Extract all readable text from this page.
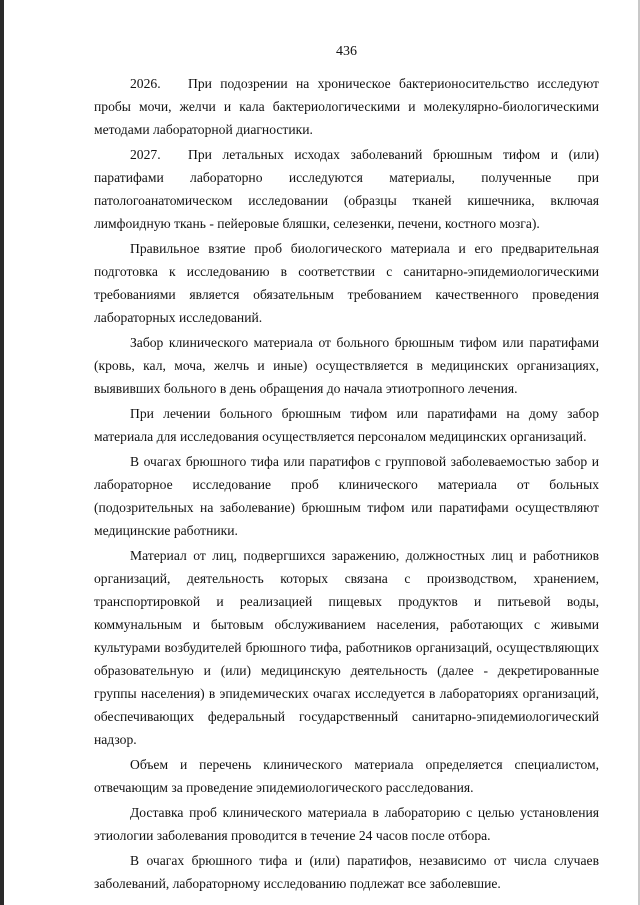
436

2026. При подозрении на хроническое бактерионосительство исследуют пробы мочи, желчи и кала бактериологическими и молекулярно-биологическими методами лабораторной диагностики.

2027. При летальных исходах заболеваний брюшным тифом и (или) паратифами лабораторно исследуются материалы, полученные при патологоанатомическом исследовании (образцы тканей кишечника, включая лимфоидную ткань - пейеровые бляшки, селезенки, печени, костного мозга).

Правильное взятие проб биологического материала и его предварительная подготовка к исследованию в соответствии с санитарно-эпидемиологическими требованиями является обязательным требованием качественного проведения лабораторных исследований.

Забор клинического материала от больного брюшным тифом или паратифами (кровь, кал, моча, желчь и иные) осуществляется в медицинских организациях, выявивших больного в день обращения до начала этиотропного лечения.

При лечении больного брюшным тифом или паратифами на дому забор материала для исследования осуществляется персоналом медицинских организаций.

В очагах брюшного тифа или паратифов с групповой заболеваемостью забор и лабораторное исследование проб клинического материала от больных (подозрительных на заболевание) брюшным тифом или паратифами осуществляют медицинские работники.

Материал от лиц, подвергшихся заражению, должностных лиц и работников организаций, деятельность которых связана с производством, хранением, транспортировкой и реализацией пищевых продуктов и питьевой воды, коммунальным и бытовым обслуживанием населения, работающих с живыми культурами возбудителей брюшного тифа, работников организаций, осуществляющих образовательную и (или) медицинскую деятельность (далее - декретированные группы населения) в эпидемических очагах исследуется в лабораториях организаций, обеспечивающих федеральный государственный санитарно-эпидемиологический надзор.

Объем и перечень клинического материала определяется специалистом, отвечающим за проведение эпидемиологического расследования.

Доставка проб клинического материала в лабораторию с целью установления этиологии заболевания проводится в течение 24 часов после отбора.

В очагах брюшного тифа и (или) паратифов, независимо от числа случаев заболеваний, лабораторному исследованию подлежат все заболевшие.
